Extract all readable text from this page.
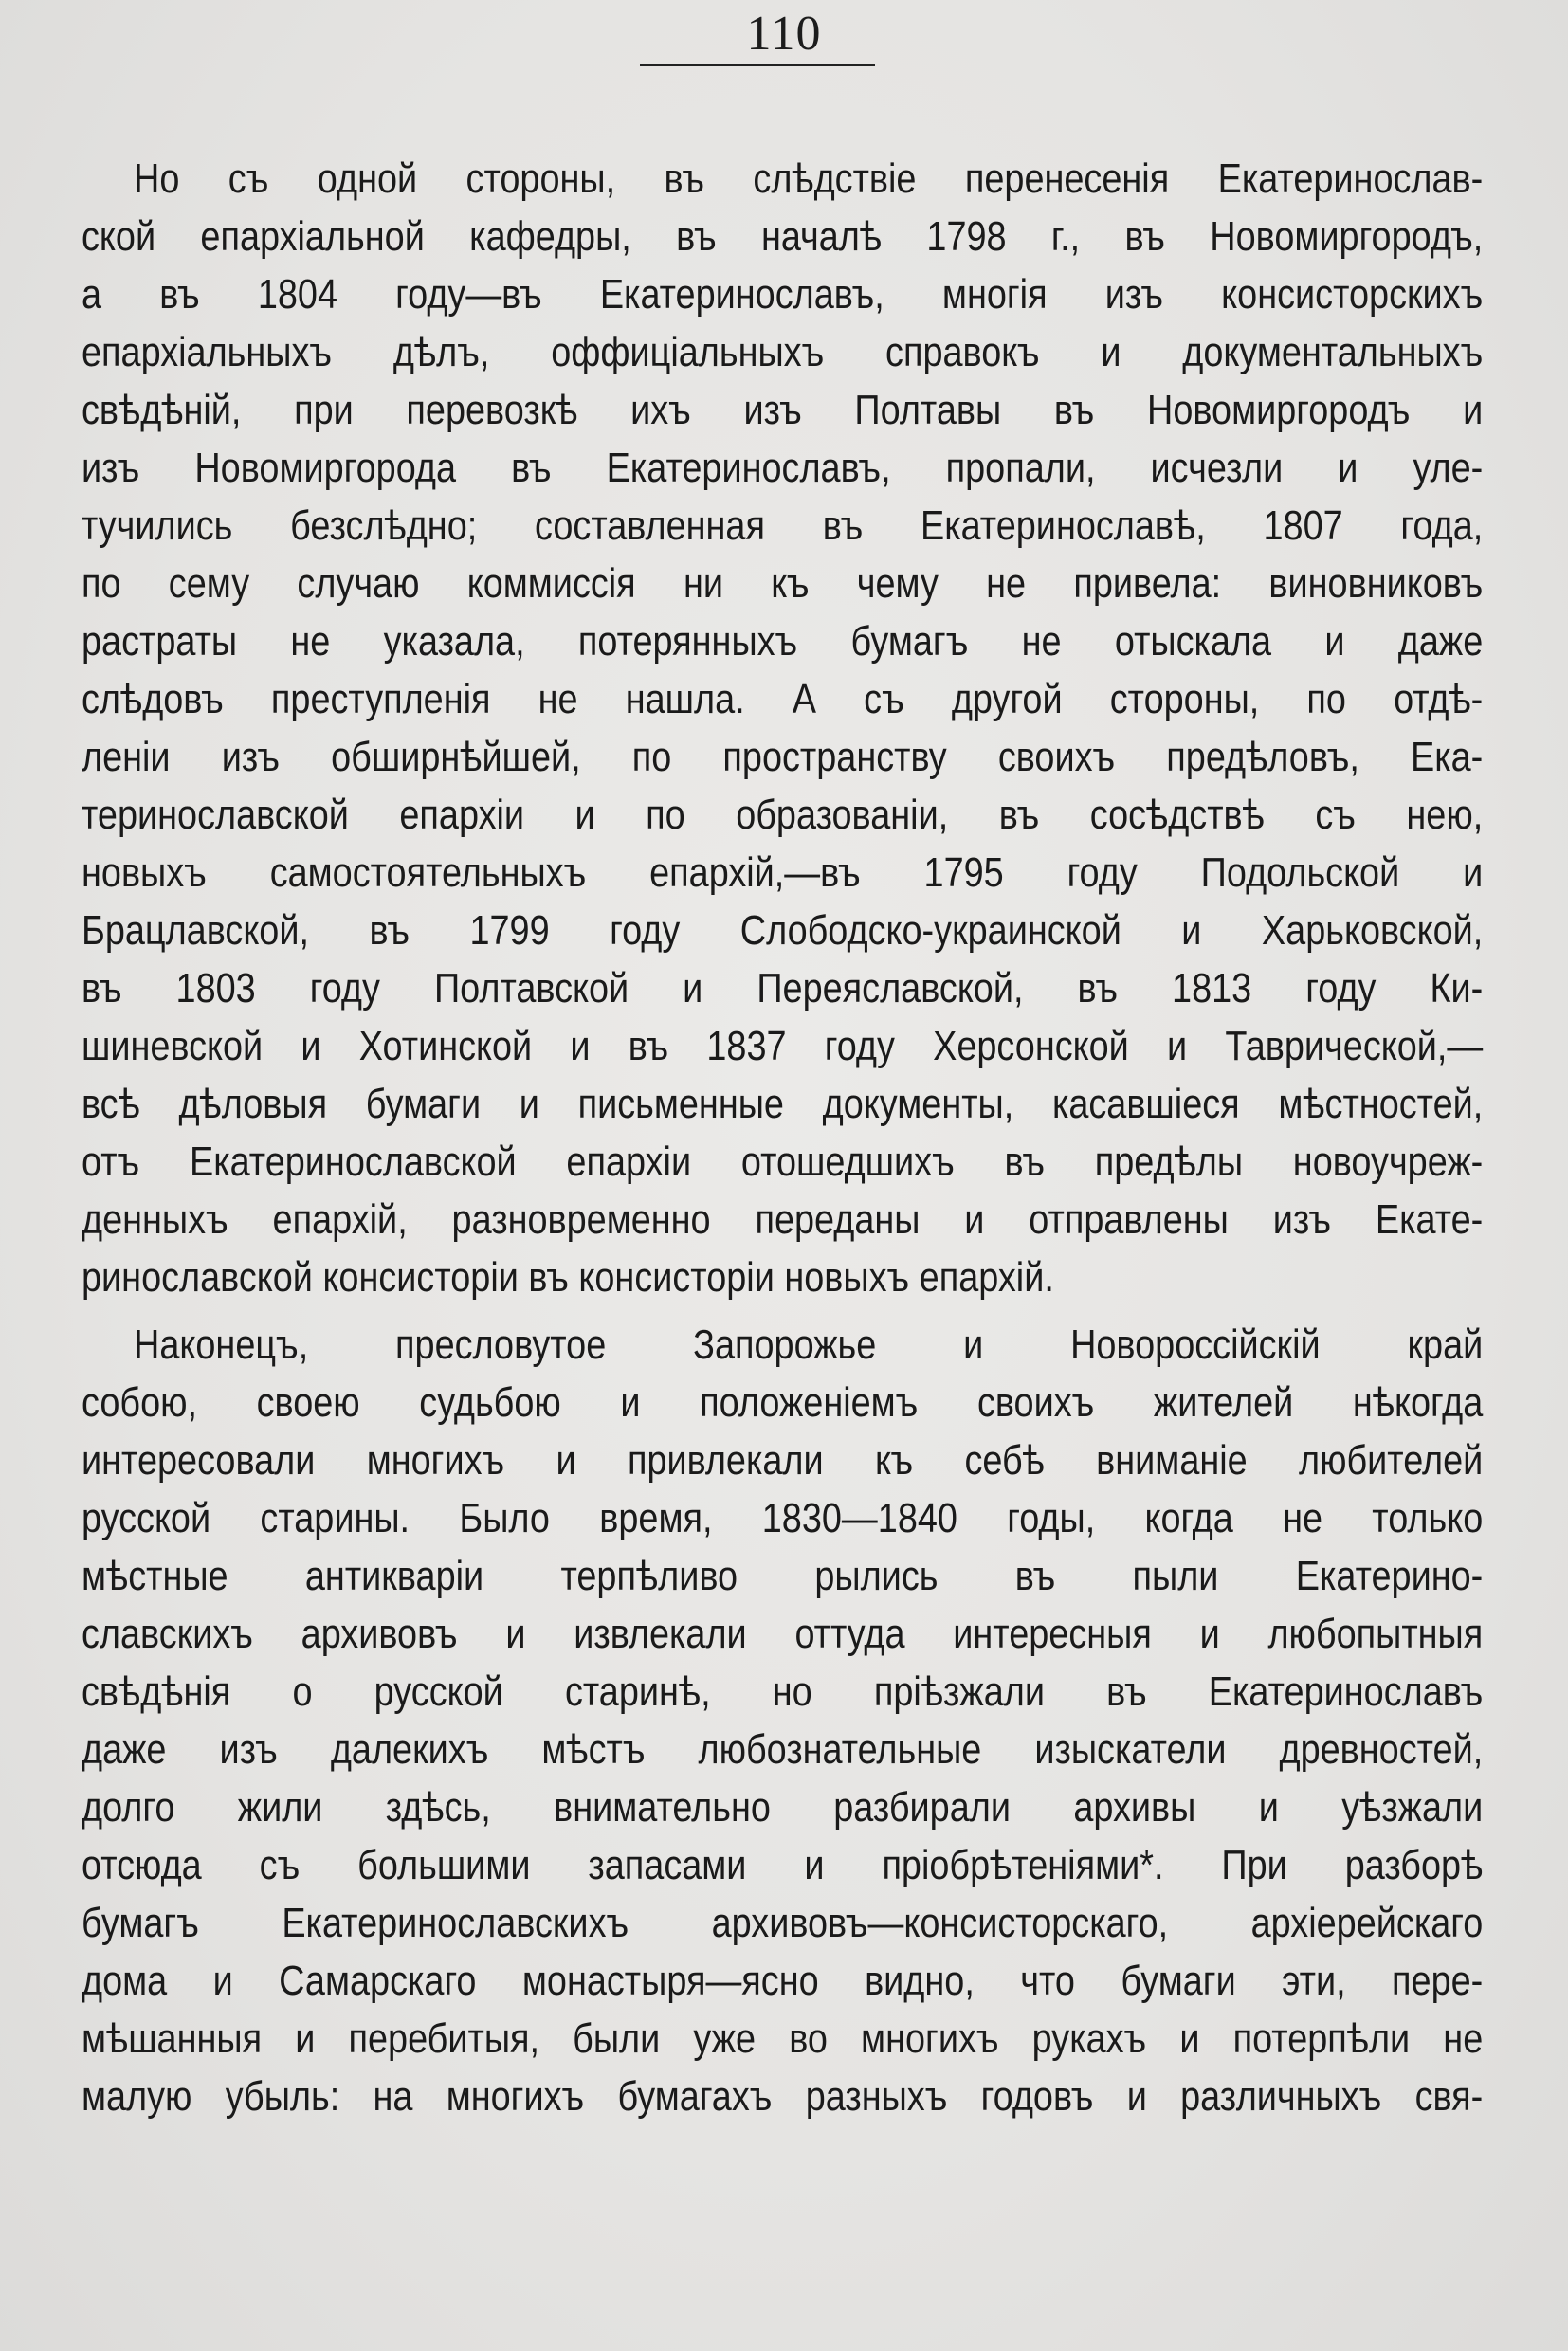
110

Но съ одной стороны, въ слѣдствіе перенесенія Екатеринослав-
ской епархіальной кафедры, въ началѣ 1798 г., въ Новомиргородъ,
а въ 1804 году—въ Екатеринославъ, многія изъ консисторскихъ
епархіальныхъ дѣлъ, оффиціальныхъ справокъ и документальныхъ
свѣдѣній, при перевозкѣ ихъ изъ Полтавы въ Новомиргородъ и
изъ Новомиргорода въ Екатеринославъ, пропали, исчезли и уле-
тучились безслѣдно; составленная въ Екатеринославѣ, 1807 года,
по сему случаю коммиссія ни къ чему не привела: виновниковъ
растраты не указала, потерянныхъ бумагъ не отыскала и даже
слѣдовъ преступленія не нашла. А съ другой стороны, по отдѣ-
леніи изъ обширнѣйшей, по пространству своихъ предѣловъ, Ека-
теринославской епархіи и по образованіи, въ сосѣдствѣ съ нею,
новыхъ самостоятельныхъ епархій,—въ 1795 году Подольской и
Брацлавской, въ 1799 году Слободско-украинской и Харьковской,
въ 1803 году Полтавской и Переяславской, въ 1813 году Ки-
шиневской и Хотинской и въ 1837 году Херсонской и Таврической,—
всѣ дѣловыя бумаги и письменные документы, касавшіеся мѣстностей,
отъ Екатеринославской епархіи отошедшихъ въ предѣлы новоучреж-
денныхъ епархій, разновременно переданы и отправлены изъ Екате-
ринославской консисторіи въ консисторіи новыхъ епархій.

Наконецъ, пресловутое Запорожье и Новороссійскій край
собою, своею судьбою и положеніемъ своихъ жителей нѣкогда
интересовали многихъ и привлекали къ себѣ вниманіе любителей
русской старины. Было время, 1830—1840 годы, когда не только
мѣстные антикваріи терпѣливо рылись въ пыли Екатерино-
славскихъ архивовъ и извлекали оттуда интересныя и любопытныя
свѣдѣнія о русской старинѣ, но пріѣзжали въ Екатеринославъ
даже изъ далекихъ мѣстъ любознательные изыскатели древностей,
долго жили здѣсь, внимательно разбирали архивы и уѣзжали
отсюда съ большими запасами и пріобрѣтеніями*. При разборѣ
бумагъ Екатеринославскихъ архивовъ—консисторскаго, архіерейскаго
дома и Самарскаго монастыря—ясно видно, что бумаги эти, пере-
мѣшанныя и перебитыя, были уже во многихъ рукахъ и потерпѣли не
малую убыль: на многихъ бумагахъ разныхъ годовъ и различныхъ свя-
